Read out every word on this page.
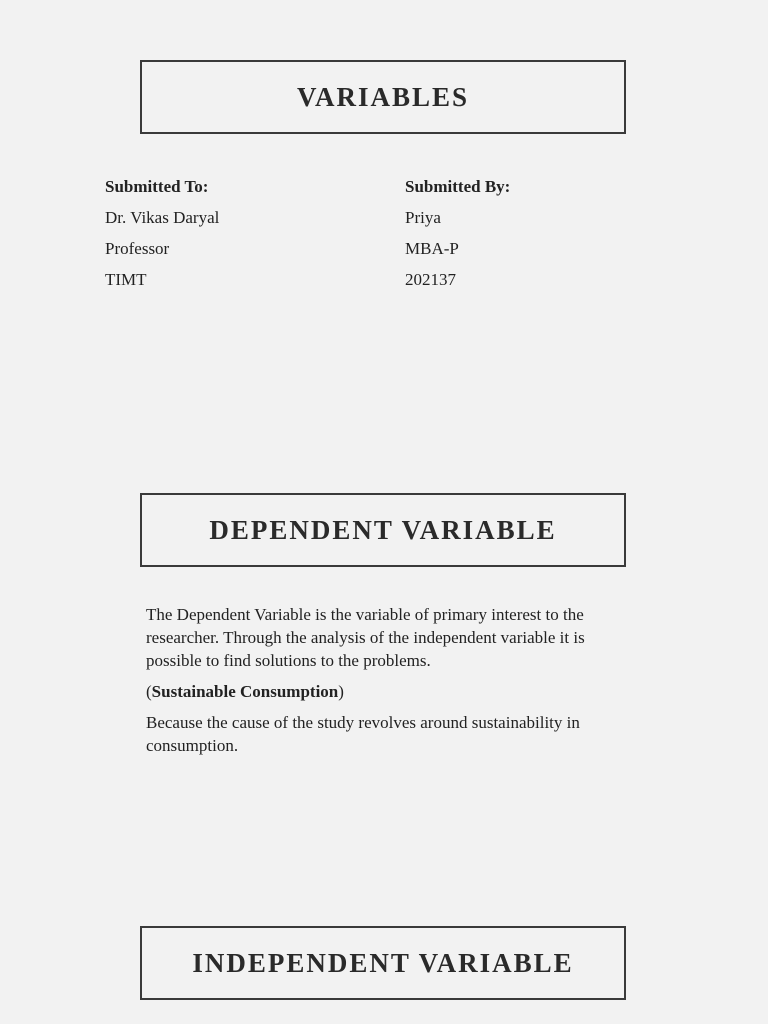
VARIABLES
Submitted To:
Dr. Vikas Daryal
Professor
TIMT
Submitted By:
Priya
MBA-P
202137
DEPENDENT VARIABLE

The Dependent Variable is the variable of primary interest to the researcher. Through the analysis of the independent variable it is possible to find solutions to the problems.

(Sustainable Consumption)

Because the cause of the study revolves around sustainability in consumption.

INDEPENDENT VARIABLE
